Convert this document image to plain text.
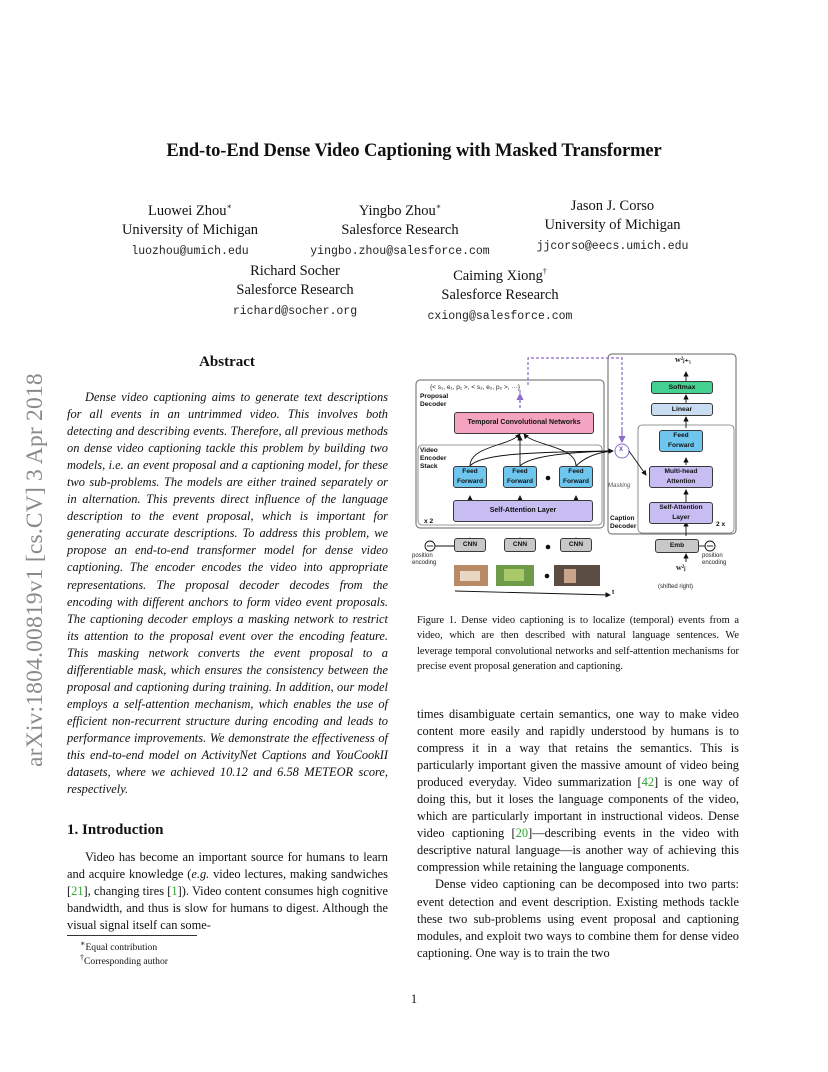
arXiv:1804.00819v1 [cs.CV] 3 Apr 2018
End-to-End Dense Video Captioning with Masked Transformer
Luowei Zhou∗
University of Michigan
luozhou@umich.edu
Yingbo Zhou∗
Salesforce Research
yingbo.zhou@salesforce.com
Jason J. Corso
University of Michigan
jjcorso@eecs.umich.edu
Richard Socher
Salesforce Research
richard@socher.org
Caiming Xiong†
Salesforce Research
cxiong@salesforce.com
Abstract

Dense video captioning aims to generate text descriptions for all events in an untrimmed video. This involves both detecting and describing events. Therefore, all previous methods on dense video captioning tackle this problem by building two models, i.e. an event proposal and a captioning model, for these two sub-problems. The models are either trained separately or in alternation. This prevents direct influence of the language description to the event proposal, which is important for generating accurate descriptions. To address this problem, we propose an end-to-end transformer model for dense video captioning. The encoder encodes the video into appropriate representations. The proposal decoder decodes from the encoding with different anchors to form video event proposals. The captioning decoder employs a masking network to restrict its attention to the proposal event over the encoding feature. This masking network converts the event proposal to a differentiable mask, which ensures the consistency between the proposal and captioning during training. In addition, our model employs a self-attention mechanism, which enables the use of efficient non-recurrent structure during encoding and leads to performance improvements. We demonstrate the effectiveness of this end-to-end model on ActivityNet Captions and YouCookII datasets, where we achieved 10.12 and 6.58 METEOR score, respectively.

1. Introduction

Video has become an important source for humans to learn and acquire knowledge (e.g. video lectures, making sandwiches [21], changing tires [1]). Video content consumes high cognitive bandwidth, and thus is slow for humans to digest. Although the visual signal itself can some-

∗Equal contribution
†Corresponding author
{< s₁, e₁, p₁ >, < s₂, e₂, p₂ >, ···}
Proposal Decoder
Temporal Convolutional Networks
Video Encoder Stack
Feed Forward
Feed Forward
Feed Forward
Self-Attention Layer
x 2
CNN	CNN	CNN
position encoding
t
X
Masking
Caption Decoder	2 x
w²ⱼ₊₁
Softmax
Linear
Feed Forward
Multi-head Attention
Self-Attention Layer
Emb
position encoding
w²ⱼ
(shifted right)
Figure 1. Dense video captioning is to localize (temporal) events from a video, which are then described with natural language sentences. We leverage temporal convolutional networks and self-attention mechanisms for precise event proposal generation and captioning.

times disambiguate certain semantics, one way to make video content more easily and rapidly understood by humans is to compress it in a way that retains the semantics. This is particularly important given the massive amount of video being produced everyday. Video summarization [42] is one way of doing this, but it loses the language components of the video, which are particularly important in instructional videos. Dense video captioning [20]—describing events in the video with descriptive natural language—is another way of achieving this compression while retaining the language components.

Dense video captioning can be decomposed into two parts: event detection and event description. Existing methods tackle these two sub-problems using event proposal and captioning modules, and exploit two ways to combine them for dense video captioning. One way is to train the two

1
